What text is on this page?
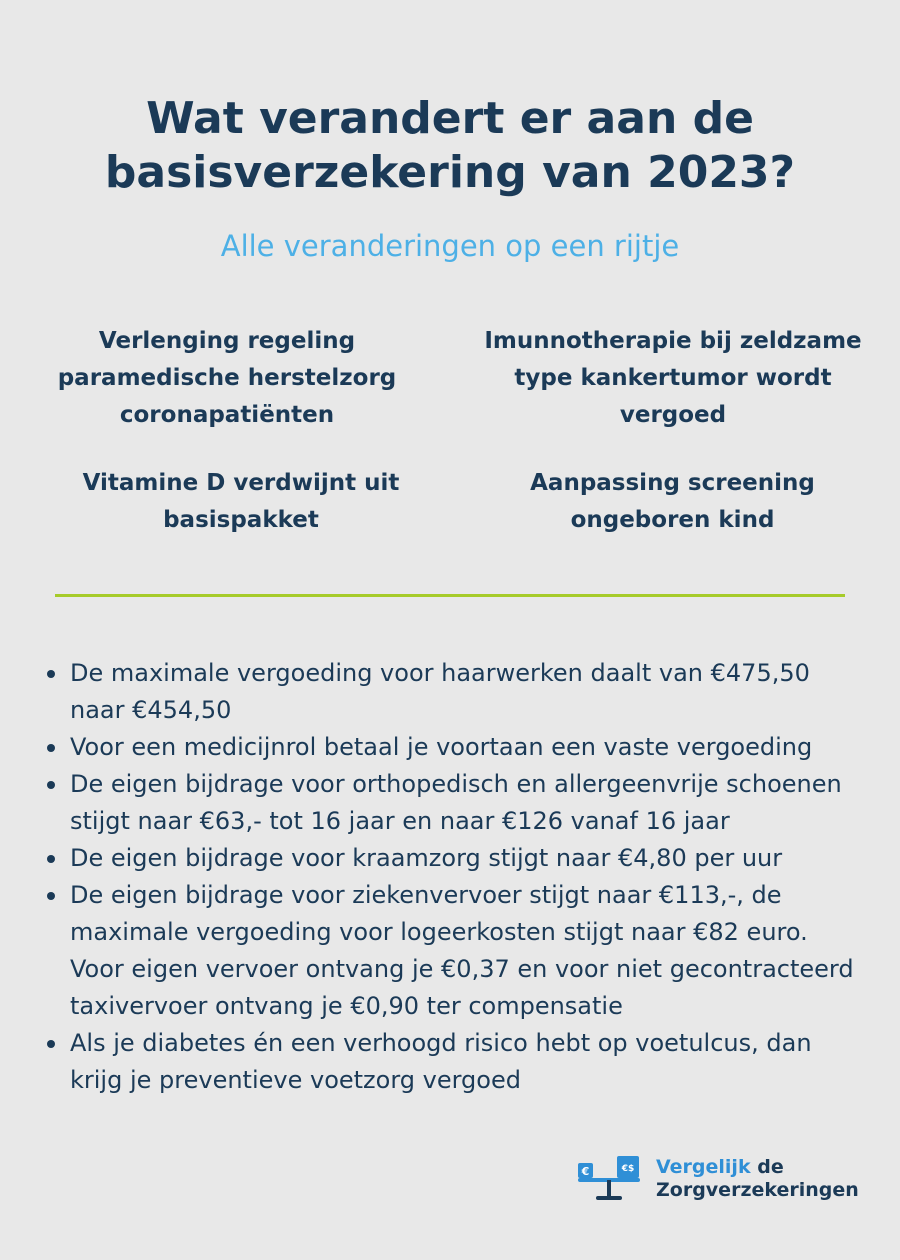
Wat verandert er aan de
basisverzekering van 2023?
Alle veranderingen op een rijtje
Verlenging regeling
paramedische herstelzorg
coronapatiënten
Imunnotherapie bij zeldzame
type kankertumor wordt
vergoed
Vitamine D verdwijnt uit
basispakket
Aanpassing screening
ongeboren kind
De maximale vergoeding voor haarwerken daalt van €475,50
naar €454,50
Voor een medicijnrol betaal je voortaan een vaste vergoeding
De eigen bijdrage voor orthopedisch en allergeenvrije schoenen
stijgt naar €63,- tot 16 jaar en naar €126 vanaf 16 jaar
De eigen bijdrage voor kraamzorg stijgt naar €4,80 per uur
De eigen bijdrage voor ziekenvervoer stijgt naar €113,-, de
maximale vergoeding voor logeerkosten stijgt naar €82 euro.
Voor eigen vervoer ontvang je €0,37 en voor niet gecontracteerd
taxivervoer ontvang je €0,90 ter compensatie
Als je diabetes én een verhoogd risico hebt op voetulcus, dan
krijg je preventieve voetzorg vergoed
€	€$ Vergelijk de
Zorgverzekeringen
